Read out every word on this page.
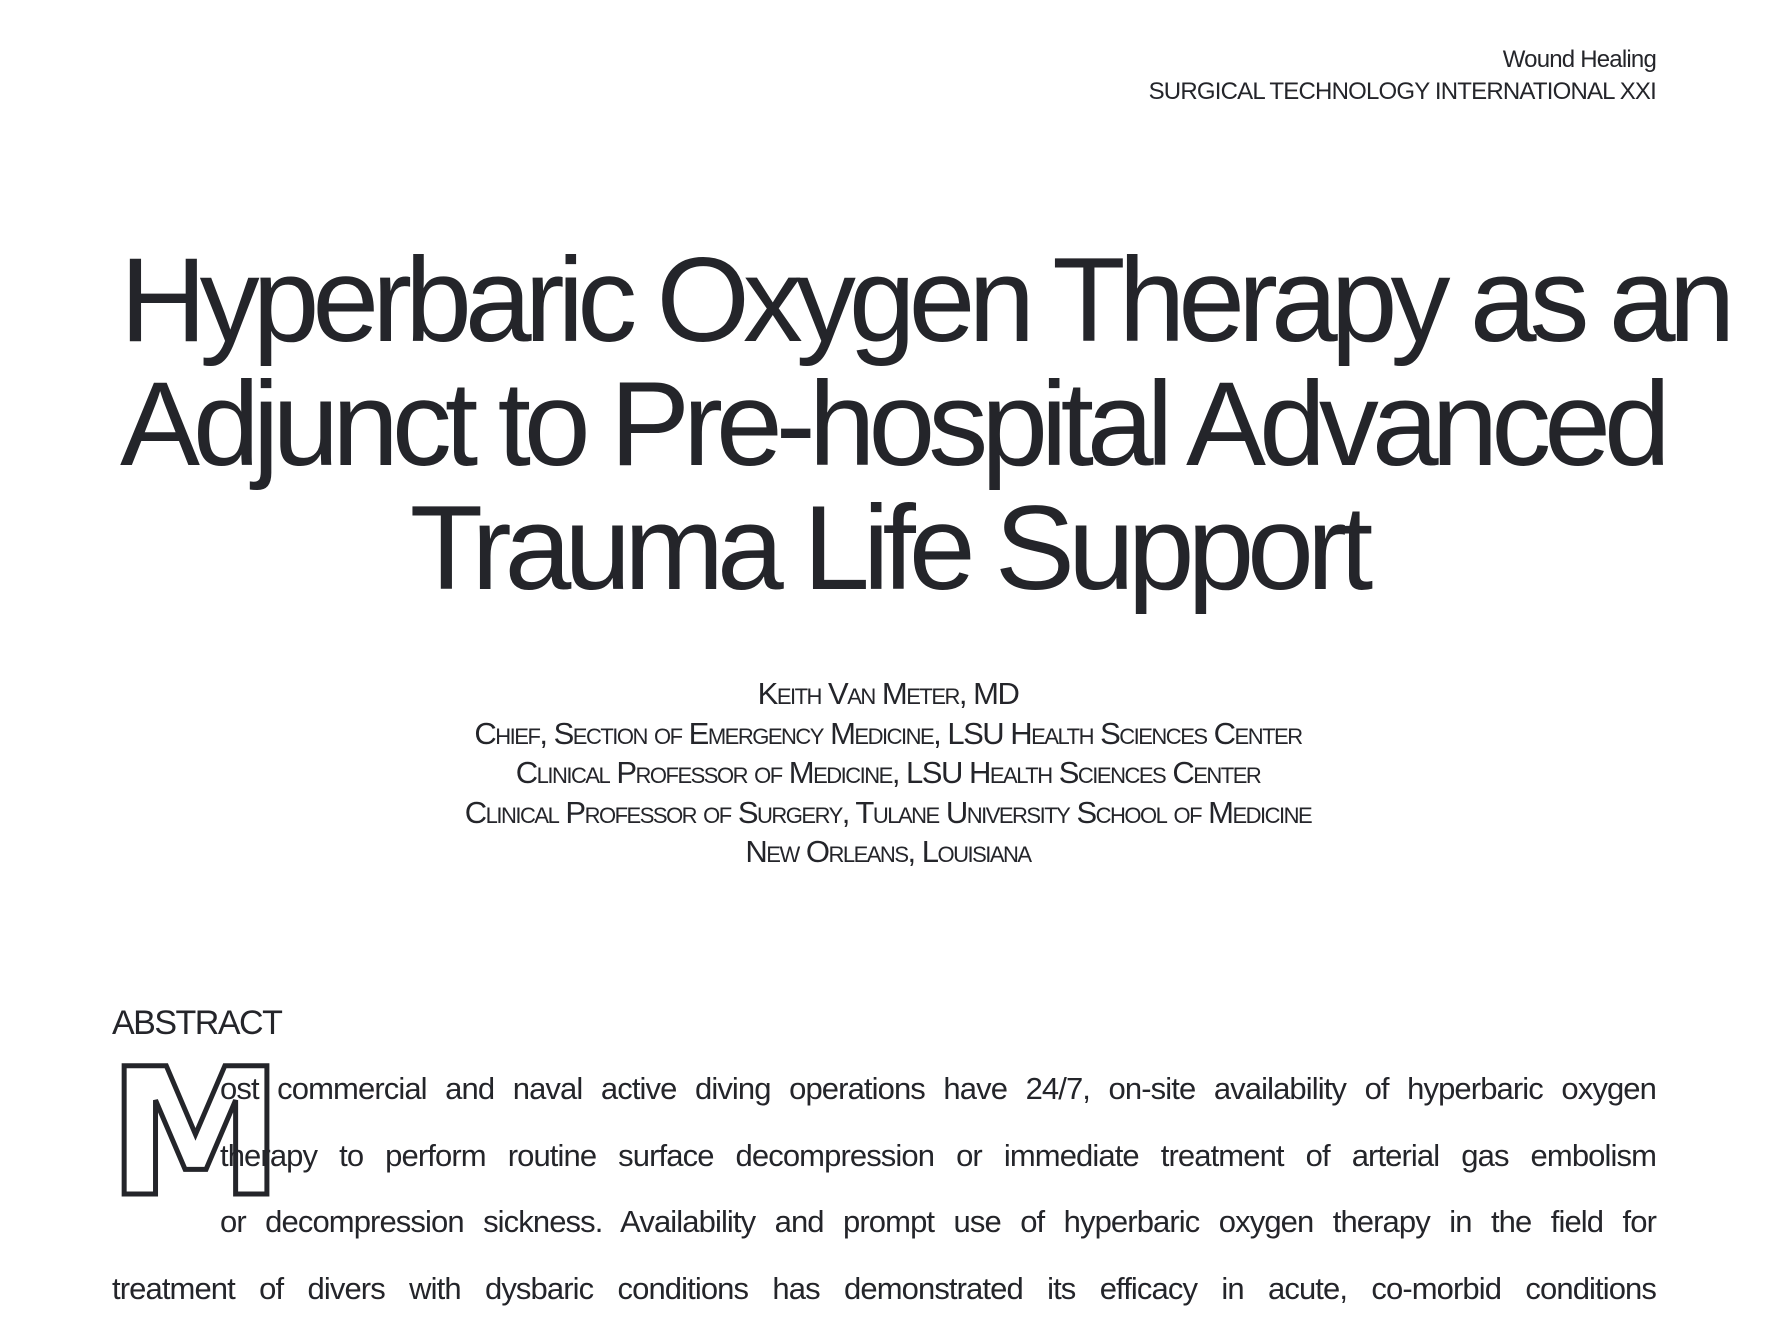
Wound Healing
SURGICAL TECHNOLOGY INTERNATIONAL XXI
Hyperbaric Oxygen Therapy as an
Adjunct to Pre-hospital Advanced
Trauma Life Support
Keith Van Meter, MD
Chief, Section of Emergency Medicine, LSU Health Sciences Center
Clinical Professor of Medicine, LSU Health Sciences Center
Clinical Professor of Surgery, Tulane University School of Medicine
New Orleans, Louisiana
ABSTRACT
M
ost commercial and naval active diving operations have 24/7, on-site availability of hyperbaric oxygen
therapy to perform routine surface decompression or immediate treatment of arterial gas embolism
or decompression sickness. Availability and prompt use of hyperbaric oxygen therapy in the field for
treatment of divers with dysbaric conditions has demonstrated its efficacy in acute, co-morbid conditions
